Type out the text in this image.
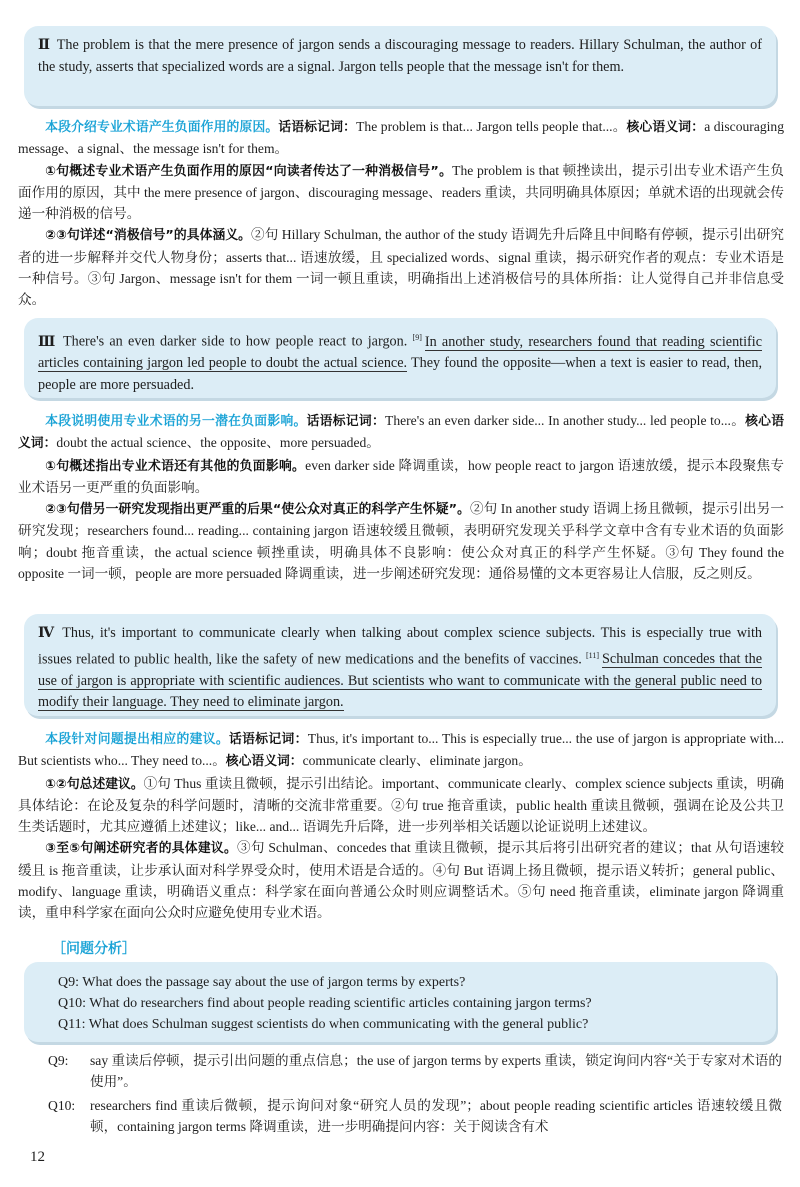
Ⅱ The problem is that the mere presence of jargon sends a discouraging message to readers. Hillary Schulman, the author of the study, asserts that specialized words are a signal. Jargon tells people that the message isn't for them.

本段介绍专业术语产生负面作用的原因。话语标记词：The problem is that... Jargon tells people that...。核心语义词：a discouraging message、a signal、the message isn't for them。

①句概述专业术语产生负面作用的原因“向读者传达了一种消极信号”。The problem is that 顿挫读出，提示引出专业术语产生负面作用的原因，其中 the mere presence of jargon、discouraging message、readers 重读，共同明确具体原因；单就术语的出现就会传递一种消极的信号。

②③句详述“消极信号”的具体涵义。②句 Hillary Schulman, the author of the study 语调先升后降且中间略有停顿，提示引出研究者的进一步解释并交代人物身份；asserts that... 语速放缓，且 specialized words、signal 重读，揭示研究作者的观点：专业术语是一种信号。③句 Jargon、message isn't for them 一词一顿且重读，明确指出上述消极信号的具体所指：让人觉得自己并非信息受众。

Ⅲ There's an even darker side to how people react to jargon. [9] In another study, researchers found that reading scientific articles containing jargon led people to doubt the actual science. They found the opposite—when a text is easier to read, then, people are more persuaded.

本段说明使用专业术语的另一潜在负面影响。话语标记词：There's an even darker side... In another study... led people to...。核心语义词：doubt the actual science、the opposite、more persuaded。

①句概述指出专业术语还有其他的负面影响。even darker side 降调重读，how people react to jargon 语速放缓，提示本段聚焦专业术语另一更严重的负面影响。

②③句借另一研究发现指出更严重的后果“使公众对真正的科学产生怀疑”。②句 In another study 语调上扬且微顿，提示引出另一研究发现；researchers found... reading... containing jargon 语速较缓且微顿，表明研究发现关乎科学文章中含有专业术语的负面影响；doubt 拖音重读，the actual science 顿挫重读，明确具体不良影响：使公众对真正的科学产生怀疑。③句 They found the opposite 一词一顿，people are more persuaded 降调重读，进一步阐述研究发现：通俗易懂的文本更容易让人信服，反之则反。

Ⅳ Thus, it's important to communicate clearly when talking about complex science subjects. This is especially true with issues related to public health, like the safety of new medications and the benefits of vaccines. [11] Schulman concedes that the use of jargon is appropriate with scientific audiences. But scientists who want to communicate with the general public need to modify their language. They need to eliminate jargon.

本段针对问题提出相应的建议。话语标记词：Thus, it's important to... This is especially true... the use of jargon is appropriate with... But scientists who... They need to...。核心语义词：communicate clearly、eliminate jargon。

①②句总述建议。①句 Thus 重读且微顿，提示引出结论。important、communicate clearly、complex science subjects 重读，明确具体结论：在论及复杂的科学问题时，清晰的交流非常重要。②句 true 拖音重读，public health 重读且微顿，强调在论及公共卫生类话题时，尤其应遵循上述建议；like... and... 语调先升后降，进一步列举相关话题以论证说明上述建议。

③至⑤句阐述研究者的具体建议。③句 Schulman、concedes that 重读且微顿，提示其后将引出研究者的建议；that 从句语速较缓且 is 拖音重读，让步承认面对科学界受众时，使用术语是合适的。④句 But 语调上扬且微顿，提示语义转折；general public、modify、language 重读，明确语义重点：科学家在面向普通公众时则应调整话术。⑤句 need 拖音重读，eliminate jargon 降调重读，重申科学家在面向公众时应避免使用专业术语。

［问题分析］
Q9: What does the passage say about the use of jargon terms by experts?
Q10: What do researchers find about people reading scientific articles containing jargon terms?
Q11: What does Schulman suggest scientists do when communicating with the general public?
Q9:	say 重读后停顿，提示引出问题的重点信息；the use of jargon terms by experts 重读，锁定询问内容“关于专家对术语的使用”。
Q10:	researchers find 重读后微顿，提示询问对象“研究人员的发现”；about people reading scientific articles 语速较缓且微顿，containing jargon terms 降调重读，进一步明确提问内容：关于阅读含有术
12
